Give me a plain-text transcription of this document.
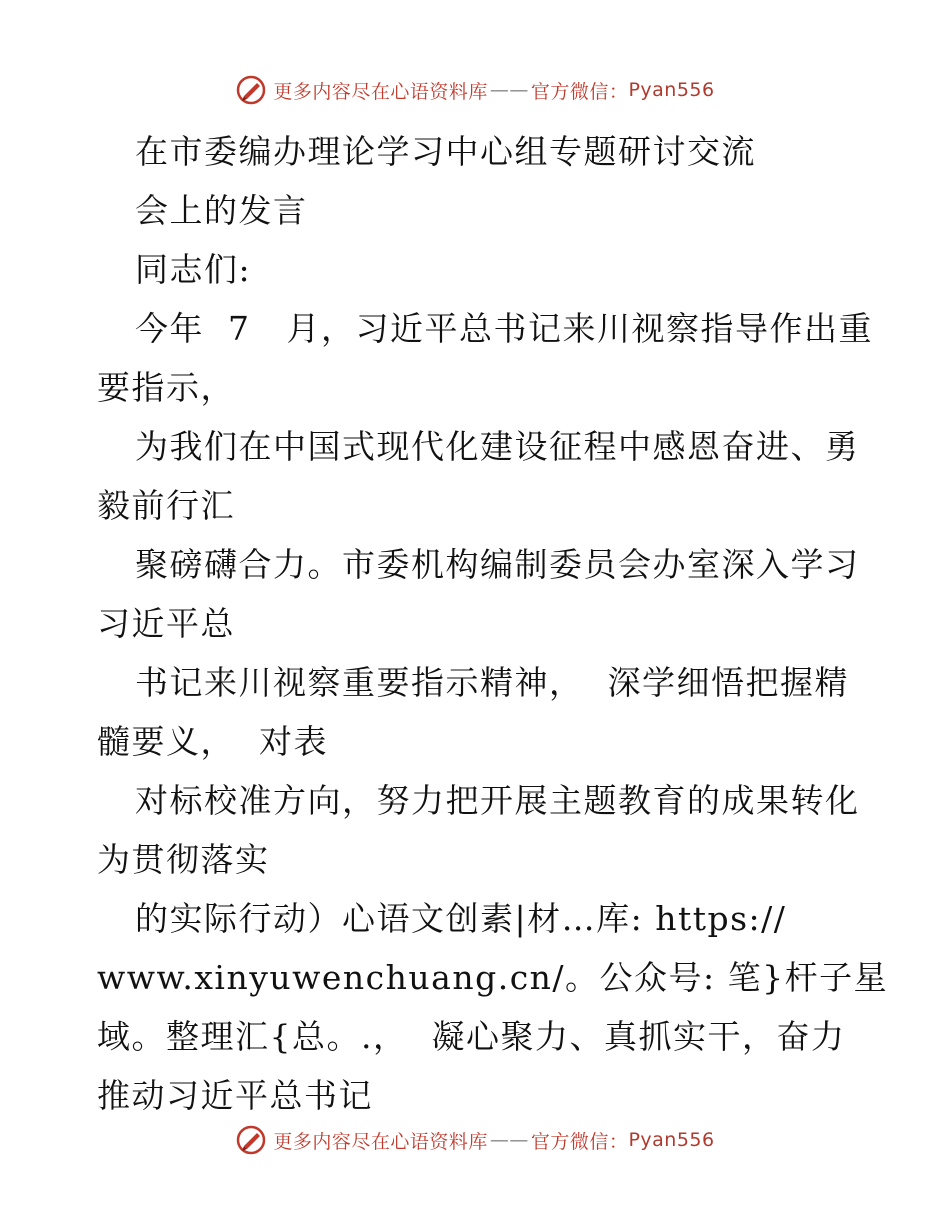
更多内容尽在心语资料库 —— 官方微信： Pyan556
在市委编办理论学习中心组专题研讨交流
会上的发言
同志们:
今年  7   月，习近平总书记来川视察指导作出重
要指示，
为我们在中国式现代化建设征程中感恩奋进、勇
毅前行汇
聚磅礴合力。市委机构编制委员会办室深入学习
习近平总
书记来川视察重要指示精神，  深学细悟把握精
髓要义，  对表
对标校准方向，努力把开展主题教育的成果转化
为贯彻落实
的实际行动）心语文创素|材…库: https://
www.xinyuwenchuang.cn/。公众号: 笔}杆子星
域。整理汇{总。.，  凝心聚力、真抓实干，奋力
推动习近平总书记
更多内容尽在心语资料库 —— 官方微信： Pyan556
